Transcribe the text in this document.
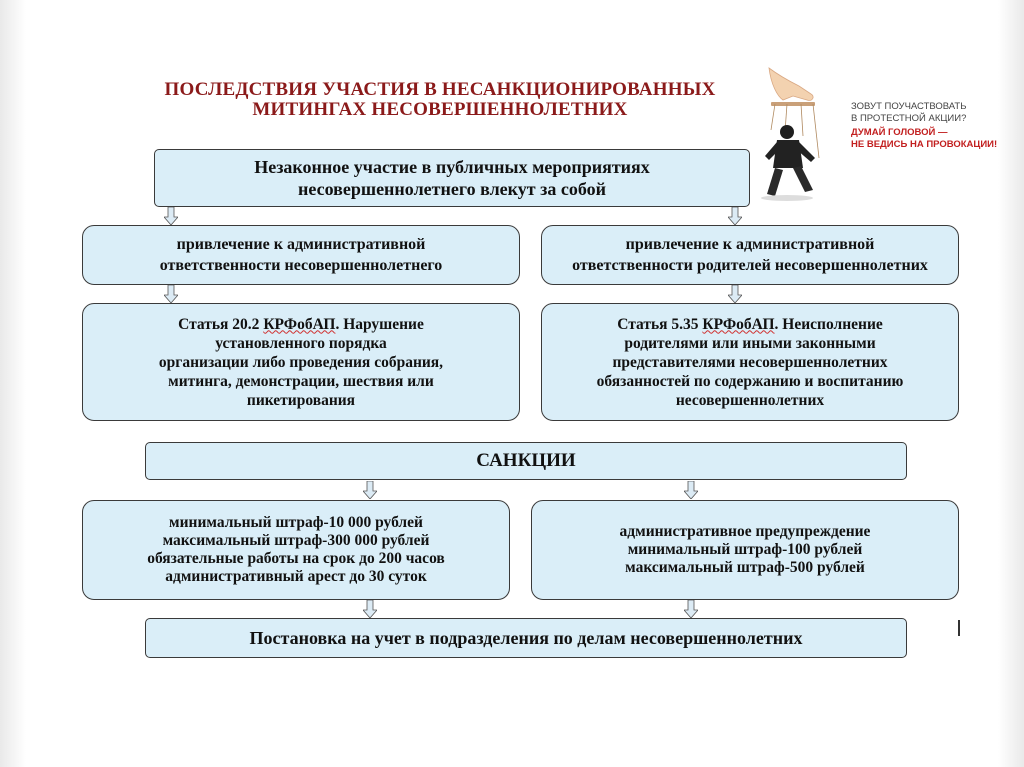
ПОСЛЕДСТВИЯ УЧАСТИЯ В НЕСАНКЦИОНИРОВАННЫХ
МИТИНГАХ НЕСОВЕРШЕННОЛЕТНИХ	ЗОВУТ ПОУЧАСТВОВАТЬ
В ПРОТЕСТНОЙ АКЦИИ?
ДУМАЙ ГОЛОВОЙ —
НЕ ВЕДИСЬ НА ПРОВОКАЦИИ!
Незаконное участие в публичных мероприятиях
несовершеннолетнего влекут за собой
привлечение к административной
ответственности несовершеннолетнего
привлечение к административной
ответственности родителей несовершеннолетних
Статья 20.2 КРФобАП. Нарушение
установленного порядка
организации либо проведения собрания,
митинга, демонстрации, шествия или
пикетирования
Статья 5.35 КРФобАП. Неисполнение
родителями или иными законными
представителями несовершеннолетних
обязанностей по содержанию и воспитанию
несовершеннолетних
САНКЦИИ
минимальный штраф-10 000 рублей
максимальный штраф-300 000 рублей
обязательные работы на срок до 200 часов
административный арест до 30 суток
административное предупреждение
минимальный штраф-100 рублей
максимальный штраф-500 рублей
Постановка на учет в подразделения по делам несовершеннолетних
